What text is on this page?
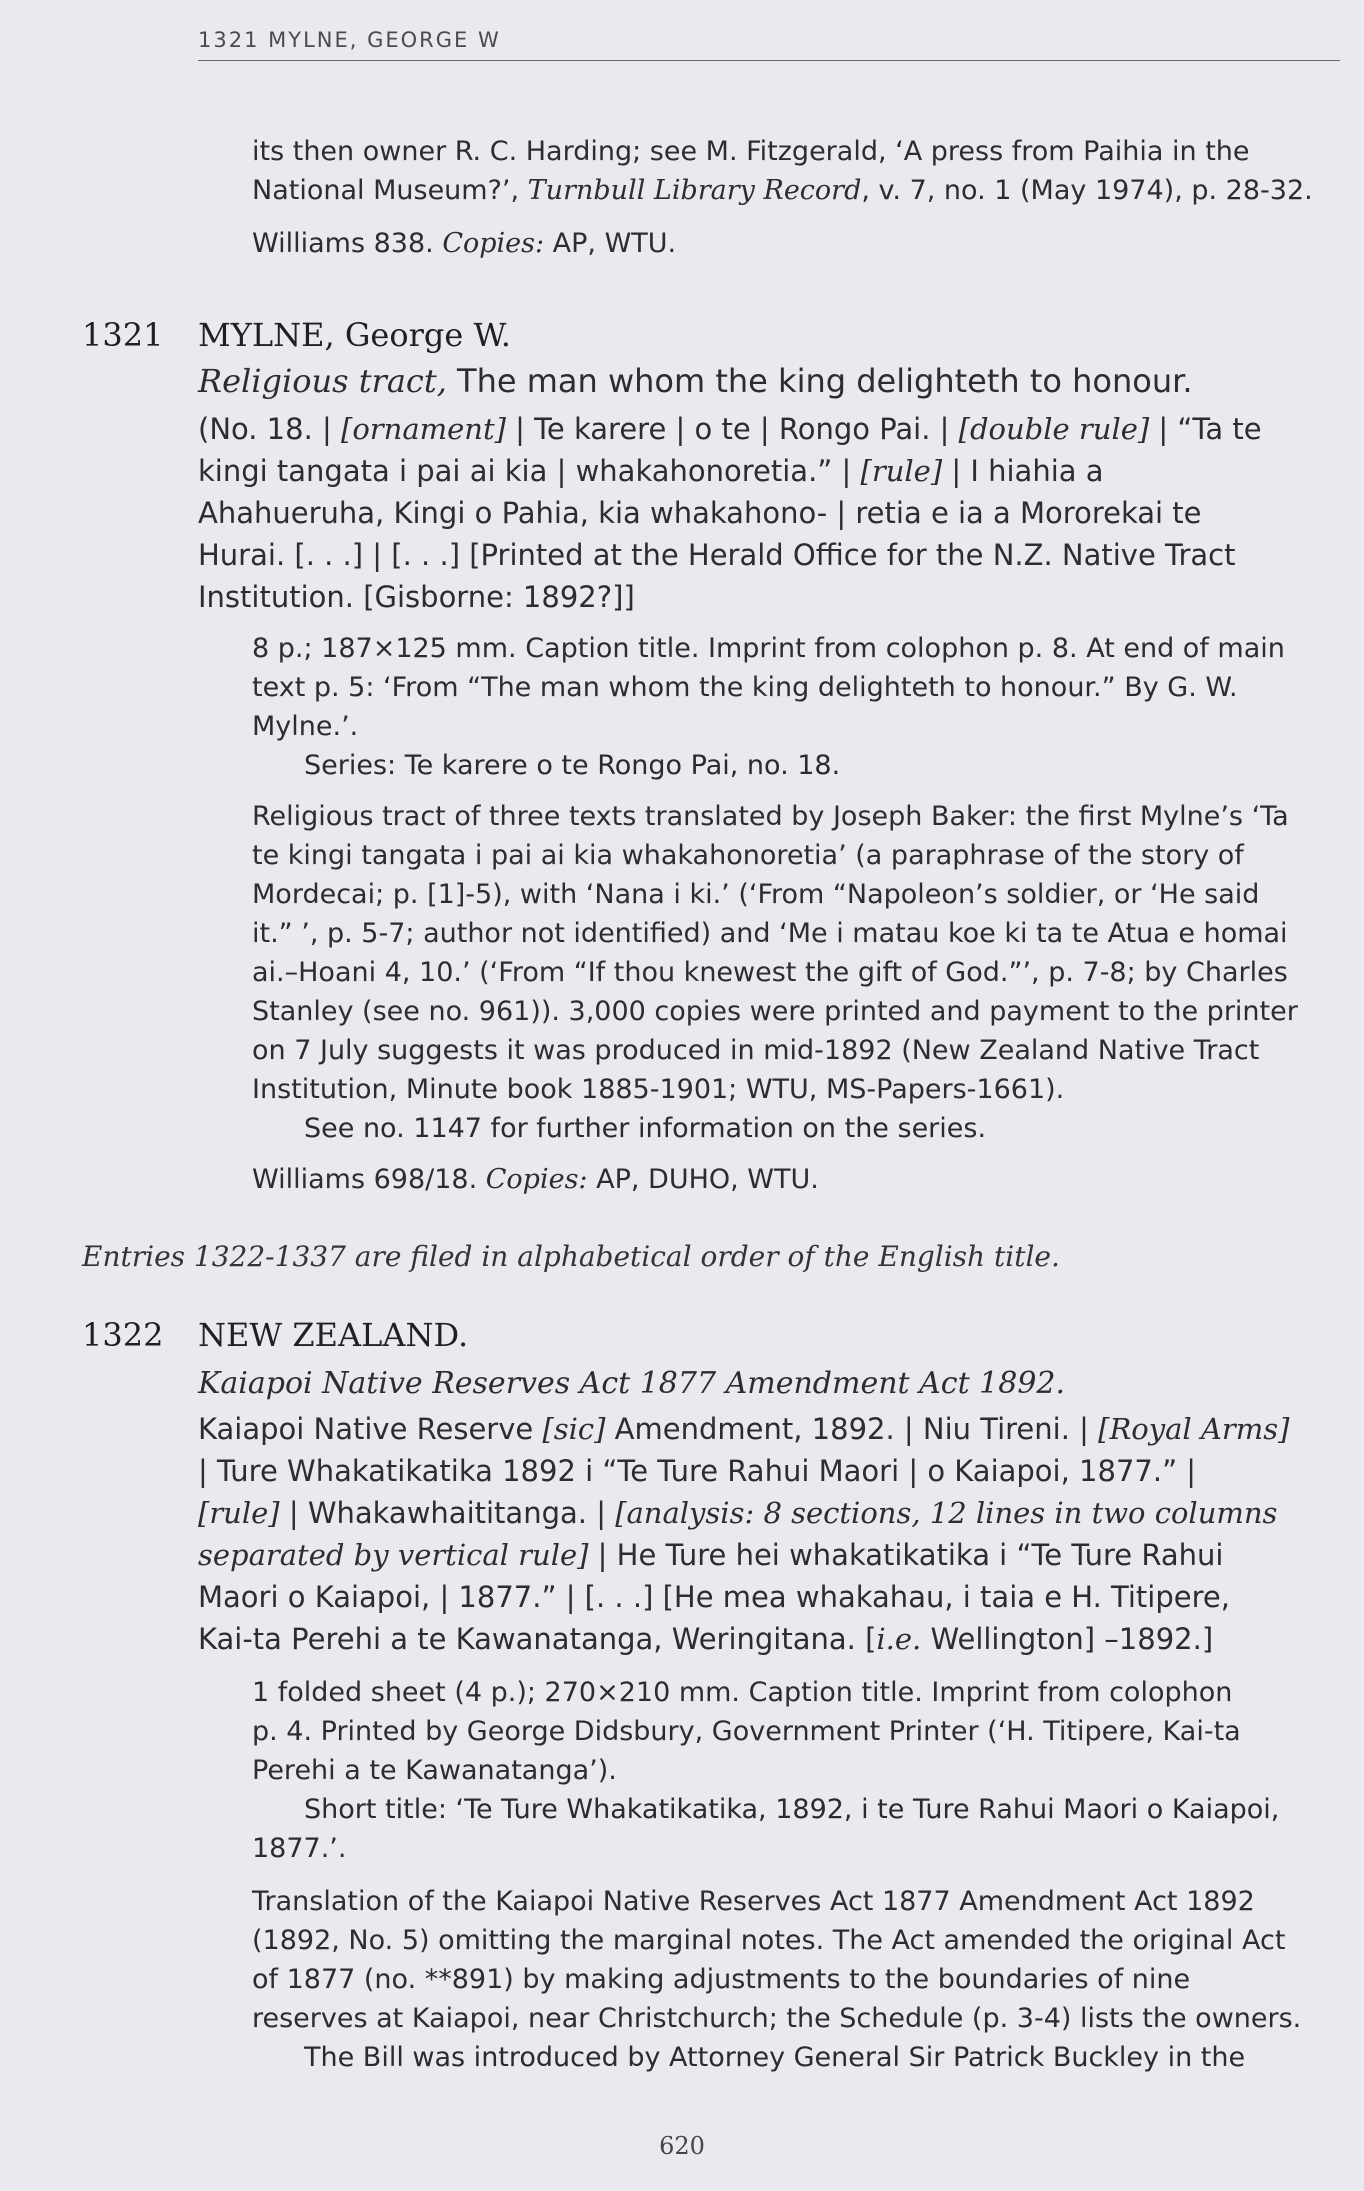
1321 MYLNE, GEORGE W
its then owner R. C. Harding; see M. Fitzgerald, ‘A press from Paihia in the
National Museum?’, Turnbull Library Record, v. 7, no. 1 (May 1974), p. 28-32.
Williams 838. Copies: AP, WTU.
1321 MYLNE, George W.
Religious tract, The man whom the king delighteth to honour.
(No. 18. | [ornament] | Te karere | o te | Rongo Pai. | [double rule] | “Ta te
kingi tangata i pai ai kia | whakahonoretia.” | [rule] | I hiahia a
Ahahueruha, Kingi o Pahia, kia whakahono- | retia e ia a Mororekai te
Hurai. [. . .] | [. . .] [Printed at the Herald Office for the N.Z. Native Tract
Institution. [Gisborne: 1892?]]
8 p.; 187×125 mm. Caption title. Imprint from colophon p. 8. At end of main
text p. 5: ‘From “The man whom the king delighteth to honour.” By G. W.
Mylne.’.
Series: Te karere o te Rongo Pai, no. 18.
Religious tract of three texts translated by Joseph Baker: the first Mylne’s ‘Ta
te kingi tangata i pai ai kia whakahonoretia’ (a paraphrase of the story of
Mordecai; p. [1]-5), with ‘Nana i ki.’ (‘From “Napoleon’s soldier, or ‘He said
it.” ’, p. 5-7; author not identified) and ‘Me i matau koe ki ta te Atua e homai
ai.–Hoani 4, 10.’ (‘From “If thou knewest the gift of God.”’, p. 7-8; by Charles
Stanley (see no. 961)). 3,000 copies were printed and payment to the printer
on 7 July suggests it was produced in mid-1892 (New Zealand Native Tract
Institution, Minute book 1885-1901; WTU, MS-Papers-1661).
See no. 1147 for further information on the series.
Williams 698/18. Copies: AP, DUHO, WTU.
Entries 1322-1337 are filed in alphabetical order of the English title.
1322 NEW ZEALAND.
Kaiapoi Native Reserves Act 1877 Amendment Act 1892.
Kaiapoi Native Reserve [sic] Amendment, 1892. | Niu Tireni. | [Royal Arms]
| Ture Whakatikatika 1892 i “Te Ture Rahui Maori | o Kaiapoi, 1877.” |
[rule] | Whakawhaititanga. | [analysis: 8 sections, 12 lines in two columns
separated by vertical rule] | He Ture hei whakatikatika i “Te Ture Rahui
Maori o Kaiapoi, | 1877.” | [. . .] [He mea whakahau, i taia e H. Titipere,
Kai-ta Perehi a te Kawanatanga, Weringitana. [i.e. Wellington] –1892.]
1 folded sheet (4 p.); 270×210 mm. Caption title. Imprint from colophon
p. 4. Printed by George Didsbury, Government Printer (‘H. Titipere, Kai-ta
Perehi a te Kawanatanga’).
Short title: ‘Te Ture Whakatikatika, 1892, i te Ture Rahui Maori o Kaiapoi,
1877.’.
Translation of the Kaiapoi Native Reserves Act 1877 Amendment Act 1892
(1892, No. 5) omitting the marginal notes. The Act amended the original Act
of 1877 (no. **891) by making adjustments to the boundaries of nine
reserves at Kaiapoi, near Christchurch; the Schedule (p. 3-4) lists the owners.
The Bill was introduced by Attorney General Sir Patrick Buckley in the
620
